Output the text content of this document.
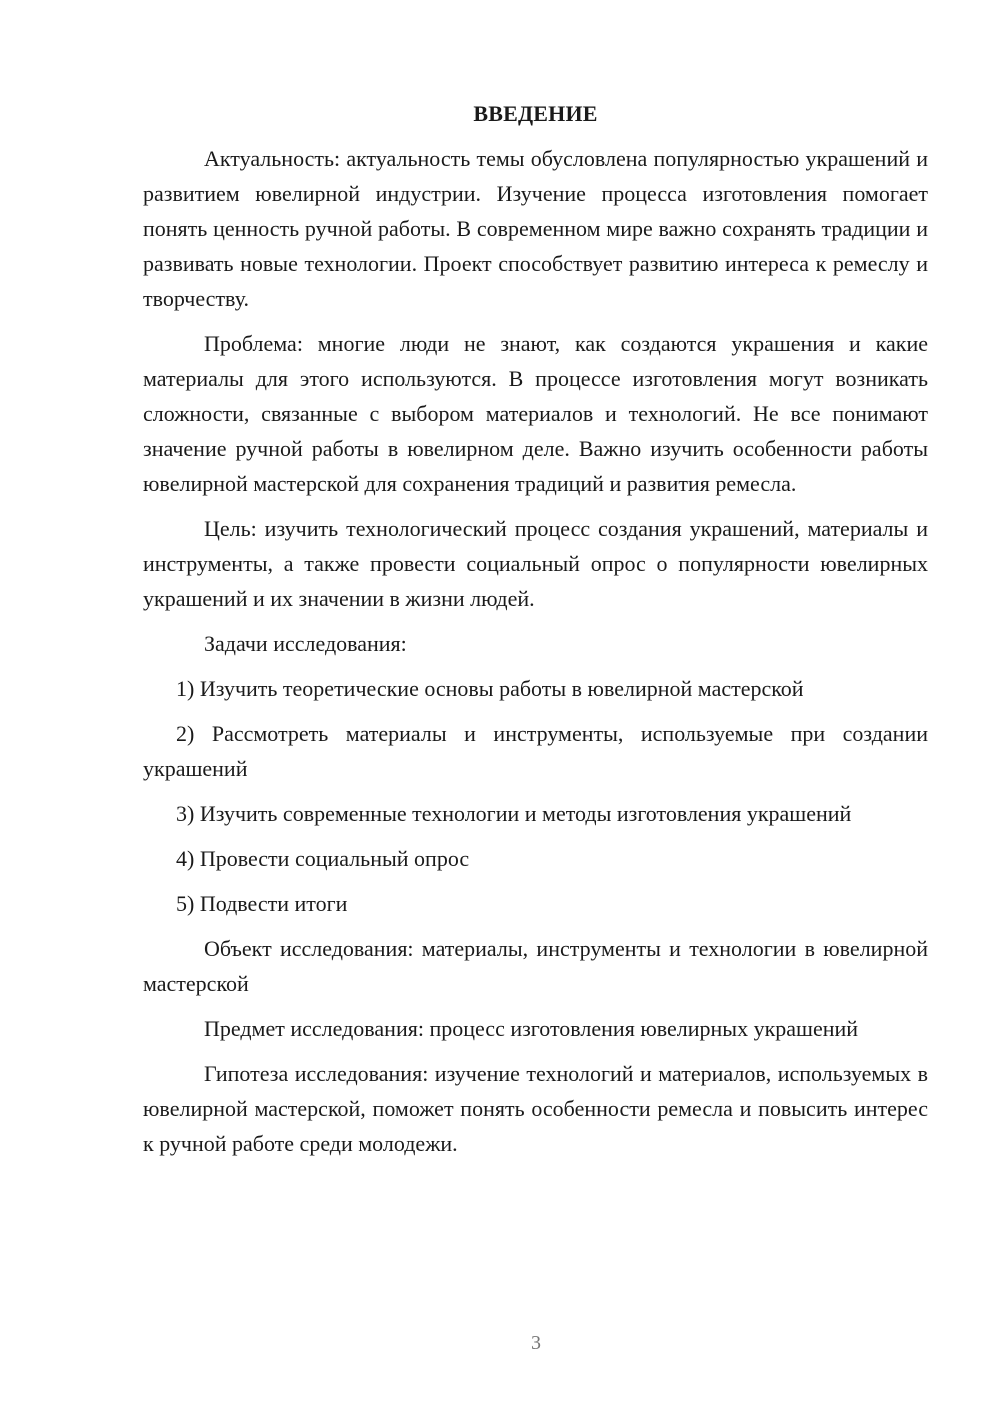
ВВЕДЕНИЕ

Актуальность: актуальность темы обусловлена популярностью украшений и развитием ювелирной индустрии. Изучение процесса изготовления помогает понять ценность ручной работы. В современном мире важно сохранять традиции и развивать новые технологии. Проект способствует развитию интереса к ремеслу и творчеству.

Проблема: многие люди не знают, как создаются украшения и какие материалы для этого используются. В процессе изготовления могут возникать сложности, связанные с выбором материалов и технологий. Не все понимают значение ручной работы в ювелирном деле. Важно изучить особенности работы ювелирной мастерской для сохранения традиций и развития ремесла.

Цель: изучить технологический процесс создания украшений, материалы и инструменты, а также провести социальный опрос о популярности ювелирных украшений и их значении в жизни людей.

Задачи исследования:

1) Изучить теоретические основы работы в ювелирной мастерской

2) Рассмотреть материалы и инструменты, используемые при создании украшений

3) Изучить современные технологии и методы изготовления украшений

4) Провести социальный опрос

5) Подвести итоги

Объект исследования: материалы, инструменты и технологии в ювелирной мастерской

Предмет исследования: процесс изготовления ювелирных украшений

Гипотеза исследования: изучение технологий и материалов, используемых в ювелирной мастерской, поможет понять особенности ремесла и повысить интерес к ручной работе среди молодежи.

3
